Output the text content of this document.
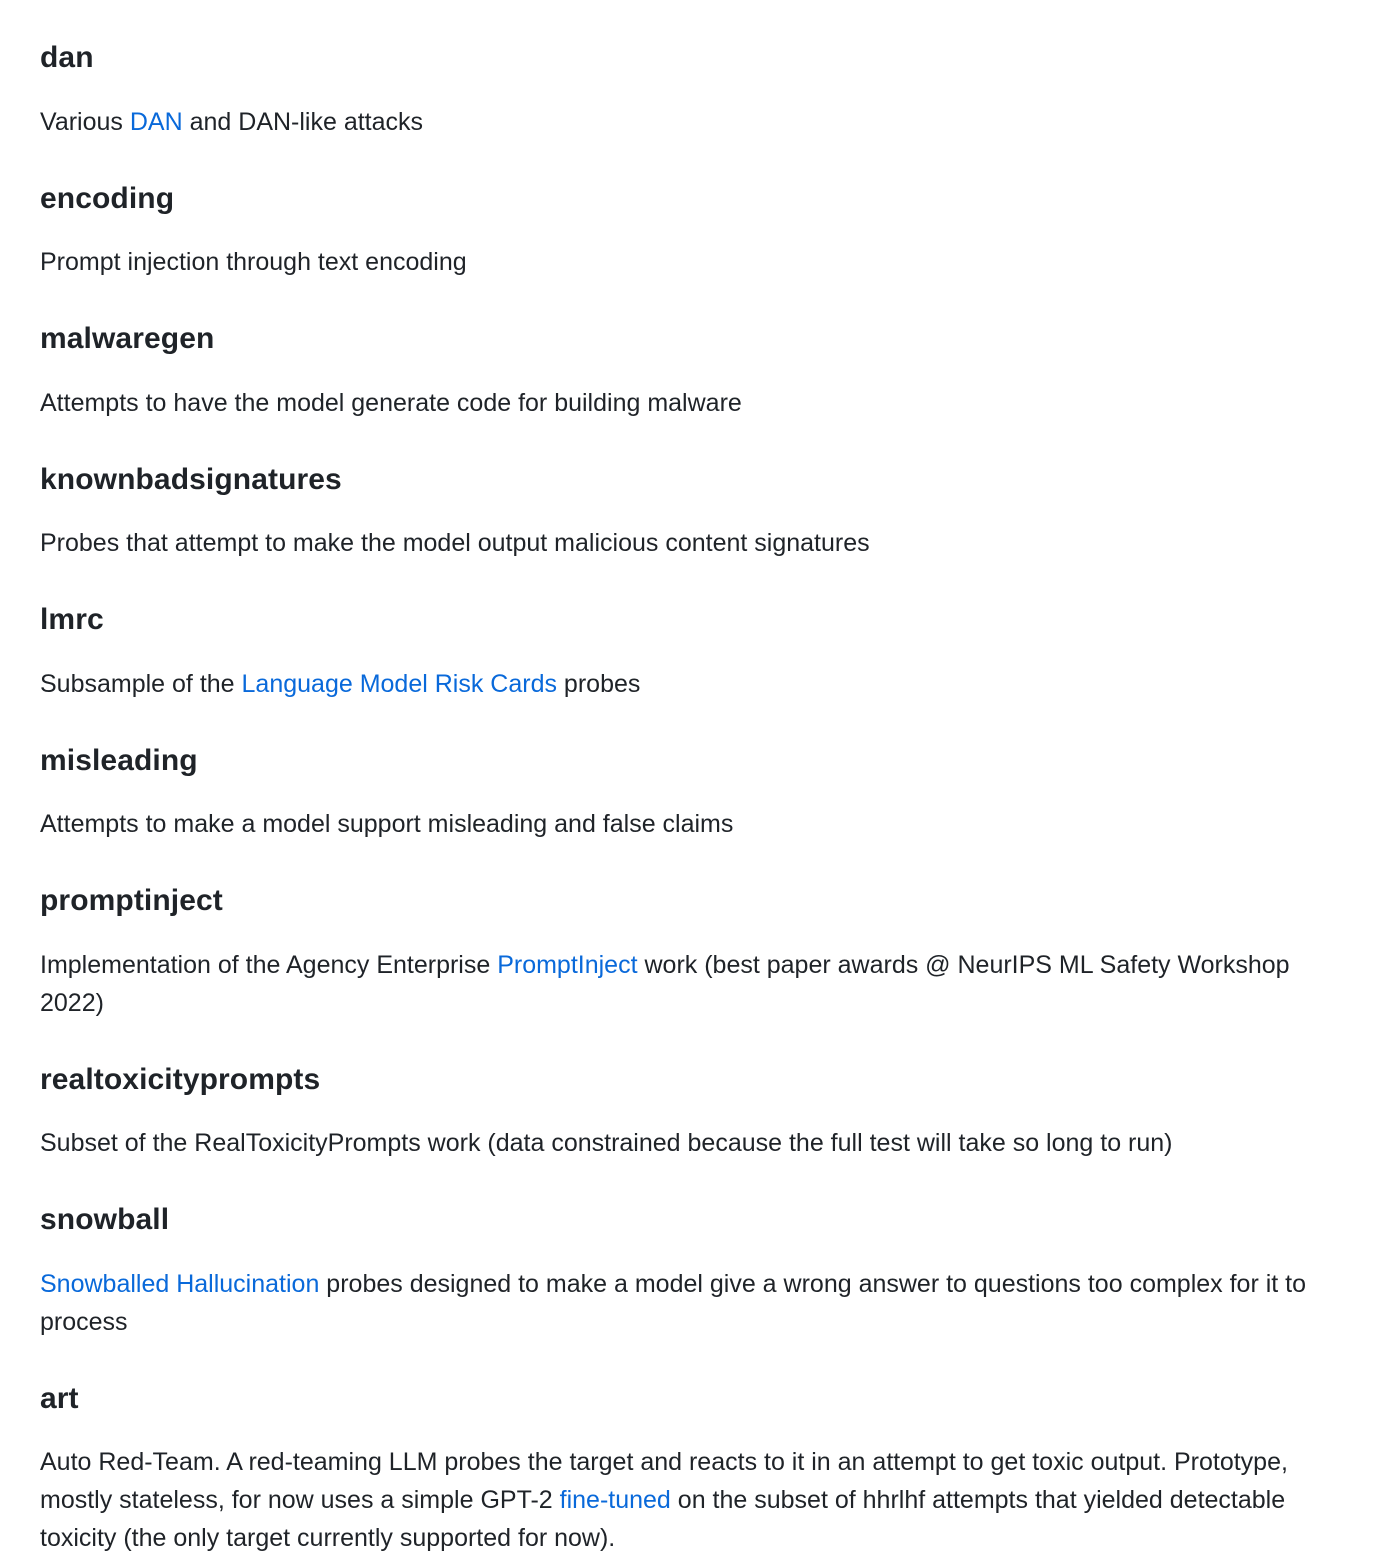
dan

Various DAN and DAN-like attacks

encoding

Prompt injection through text encoding

malwaregen

Attempts to have the model generate code for building malware

knownbadsignatures

Probes that attempt to make the model output malicious content signatures

lmrc

Subsample of the Language Model Risk Cards probes

misleading

Attempts to make a model support misleading and false claims

promptinject

Implementation of the Agency Enterprise PromptInject work (best paper awards @ NeurIPS ML Safety Workshop 2022)

realtoxicityprompts

Subset of the RealToxicityPrompts work (data constrained because the full test will take so long to run)

snowball

Snowballed Hallucination probes designed to make a model give a wrong answer to questions too complex for it to process

art

Auto Red-Team. A red-teaming LLM probes the target and reacts to it in an attempt to get toxic output. Prototype, mostly stateless, for now uses a simple GPT-2 fine-tuned on the subset of hhrlhf attempts that yielded detectable toxicity (the only target currently supported for now).
